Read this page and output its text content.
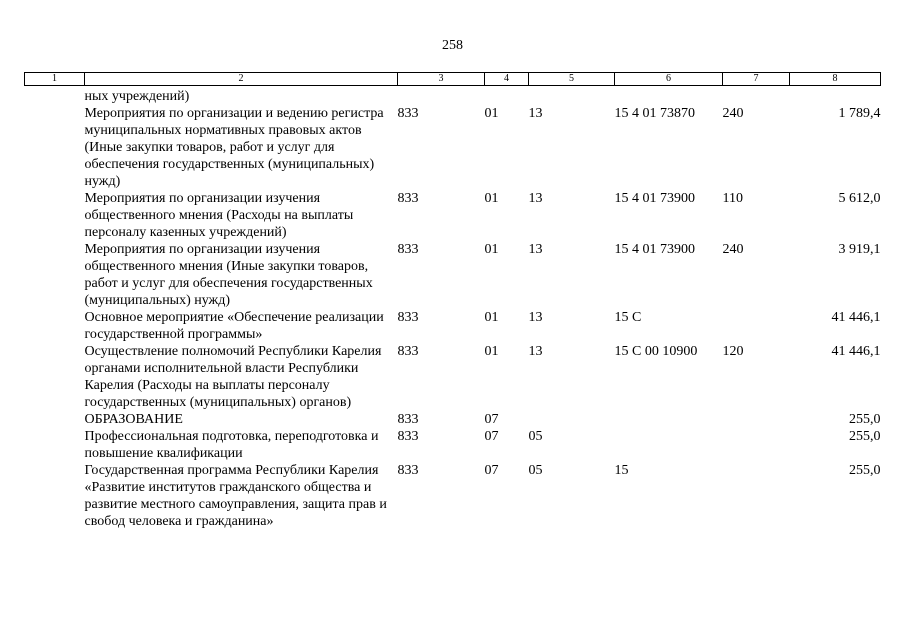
258
1	2	3	4	5	6	7	8
	ных учреждений)						
	Мероприятия по организации и ведению регистра муниципальных нормативных правовых актов (Иные закупки товаров, работ и услуг для обеспечения государственных (муниципальных) нужд)	833	01	13	15 4 01 73870	240	1 789,4
	Мероприятия по организации изучения общественного мнения (Расходы на выплаты персоналу казенных учреждений)	833	01	13	15 4 01 73900	110	5 612,0
	Мероприятия по организации изучения общественного мнения (Иные закупки товаров, работ и услуг для обеспечения государственных (муниципальных) нужд)	833	01	13	15 4 01 73900	240	3 919,1
	Основное мероприятие «Обеспечение реализации государственной программы»	833	01	13	15 С		41 446,1
	Осуществление полномочий Республики Карелия органами исполнительной власти Республики Карелия (Расходы на выплаты персоналу государственных (муниципальных) органов)	833	01	13	15 С 00 10900	120	41 446,1
	ОБРАЗОВАНИЕ	833	07				255,0
	Профессиональная подготовка, переподготовка и повышение квалификации	833	07	05			255,0
	Государственная программа Республики Карелия «Развитие институтов гражданского общества и развитие местного самоуправления, защита прав и свобод человека и гражданина»	833	07	05	15		255,0
